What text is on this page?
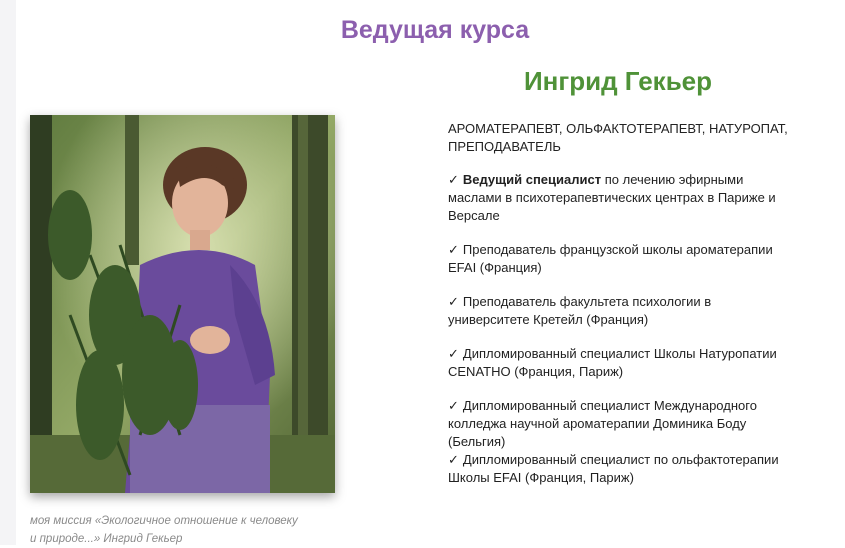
Ведущая курса
моя миссия «Экологичное отношение к человеку
и природе...» Ингрид Гекьер
Ингрид Гекьер

АРОМАТЕРАПЕВТ, ОЛЬФАКТОТЕРАПЕВТ, НАТУРОПАТ, ПРЕПОДАВАТЕЛЬ

✓ Ведущий специалист по лечению эфирными маслами в психотерапевтических центрах в Париже и Версале
✓ Преподаватель французской школы ароматерапии EFAI (Франция)
✓ Преподаватель факультета психологии в университете Кретейл (Франция)
✓ Дипломированный специалист Школы Натуропатии CENATHO (Франция, Париж)
✓ Дипломированный специалист Международного колледжа научной ароматерапии Доминика Боду (Бельгия)
✓ Дипломированный специалист по ольфактотерапии Школы EFAI (Франция, Париж)
